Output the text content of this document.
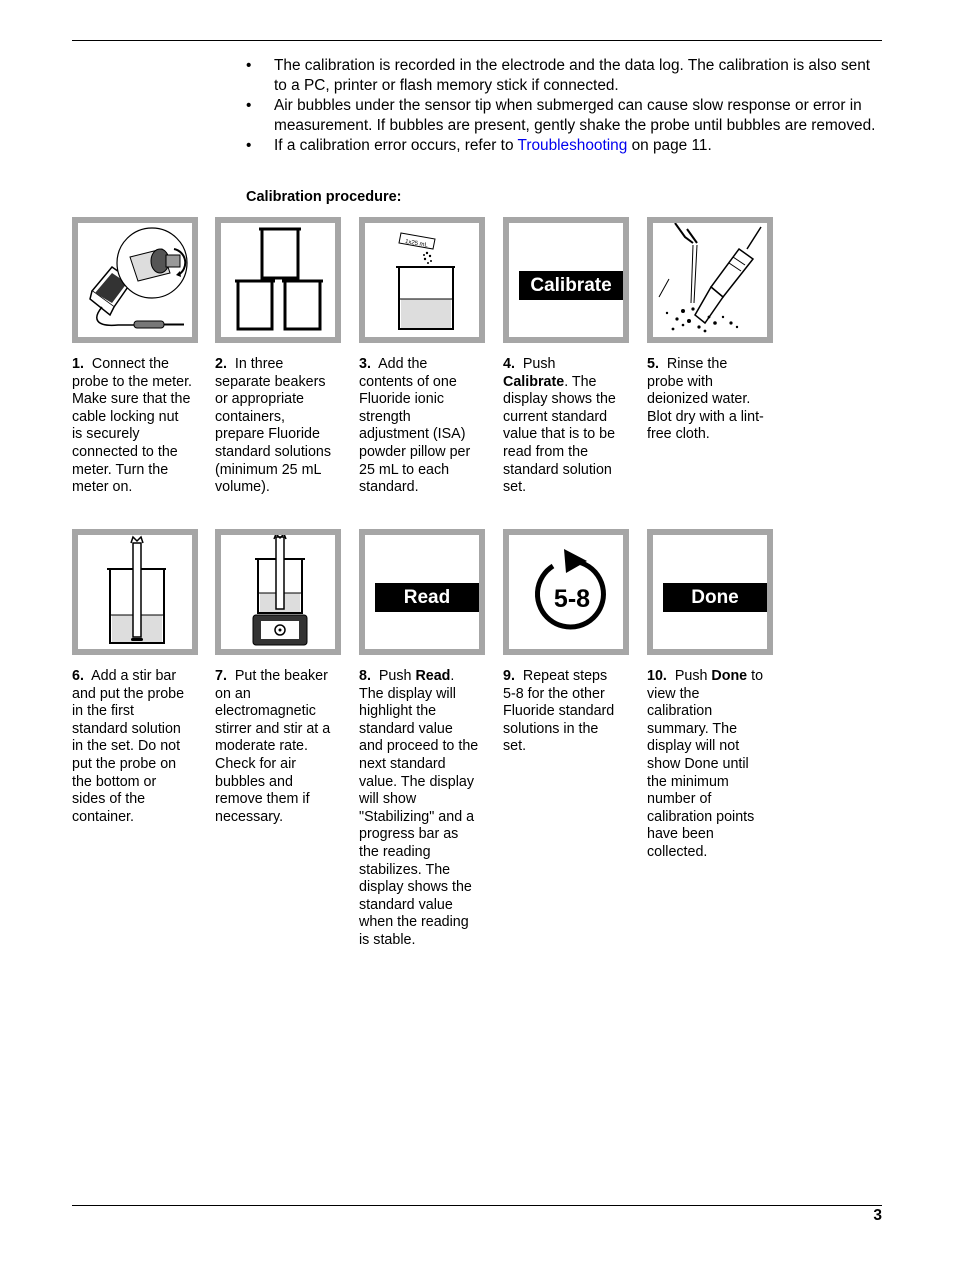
• The calibration is recorded in the electrode and the data log. The calibration is also sent to a PC, printer or flash memory stick if connected.
• Air bubbles under the sensor tip when submerged can cause slow response or error in measurement. If bubbles are present, gently shake the probe until bubbles are removed.
• If a calibration error occurs, refer to Troubleshooting on page 11.
Calibration procedure:
1x25 mL
Calibrate
1. Connect the probe to the meter. Make sure that the cable locking nut is securely connected to the meter. Turn the meter on.
2. In three separate beakers or appropriate containers, prepare Fluoride standard solutions (minimum 25 mL volume).
3. Add the contents of one Fluoride ionic strength adjustment (ISA) powder pillow per 25 mL to each standard.
4. Push Calibrate. The display shows the current standard value that is to be read from the standard solution set.
5. Rinse the probe with deionized water. Blot dry with a lint-free cloth.
Read	5-8	Done
6. Add a stir bar and put the probe in the first standard solution in the set. Do not put the probe on the bottom or sides of the container.
7. Put the beaker on an electromagnetic stirrer and stir at a moderate rate. Check for air bubbles and remove them if necessary.
8. Push Read. The display will highlight the standard value and proceed to the next standard value. The display will show "Stabilizing" and a progress bar as the reading stabilizes. The display shows the standard value when the reading is stable.
9. Repeat steps 5-8 for the other Fluoride standard solutions in the set.
10. Push Done to view the calibration summary. The display will not show Done until the minimum number of calibration points have been collected.
3
